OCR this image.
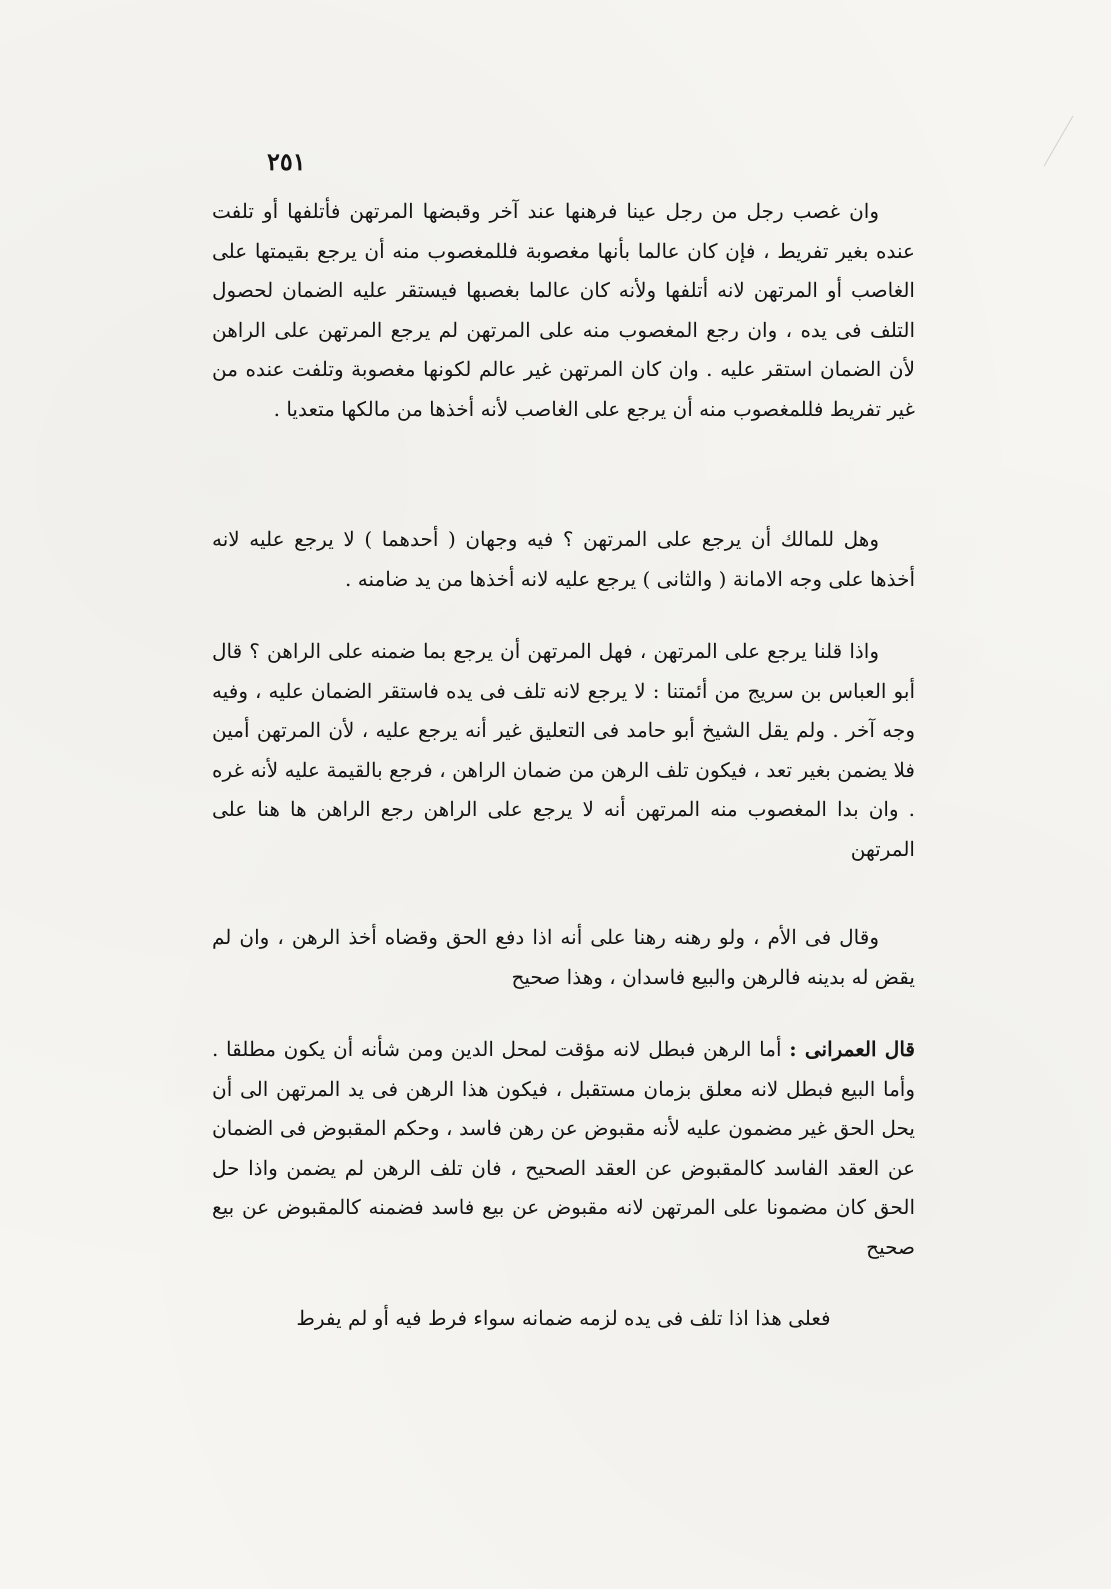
٢٥١

وان غصب رجل من رجل عينا فرهنها عند آخر وقبضها المرتهن فأتلفها أو تلفت عنده بغير تفريط ، فإن كان عالما بأنها مغصوبة فللمغصوب منه أن يرجع بقيمتها على الغاصب أو المرتهن لانه أتلفها ولأنه كان عالما بغصبها فيستقر عليه الضمان لحصول التلف فى يده ، وان رجع المغصوب منه على المرتهن لم يرجع المرتهن على الراهن لأن الضمان استقر عليه . وان كان المرتهن غير عالم لكونها مغصوبة وتلفت عنده من غير تفريط فللمغصوب منه أن يرجع على الغاصب لأنه أخذها من مالكها متعديا .

وهل للمالك أن يرجع على المرتهن ؟ فيه وجهان ( أحدهما ) لا يرجع عليه لانه أخذها على وجه الامانة ( والثانى ) يرجع عليه لانه أخذها من يد ضامنه .

واذا قلنا يرجع على المرتهن ، فهل المرتهن أن يرجع بما ضمنه على الراهن ؟ قال أبو العباس بن سريج من أئمتنا : لا يرجع لانه تلف فى يده فاستقر الضمان عليه ، وفيه وجه آخر . ولم يقل الشيخ أبو حامد فى التعليق غير أنه يرجع عليه ، لأن المرتهن أمين فلا يضمن بغير تعد ، فيكون تلف الرهن من ضمان الراهن ، فرجع بالقيمة عليه لأنه غره . وان بدا المغصوب منه المرتهن أنه لا يرجع على الراهن رجع الراهن ها هنا على المرتهن

وقال فى الأم ، ولو رهنه رهنا على أنه اذا دفع الحق وقضاه أخذ الرهن ، وان لم يقض له بدينه فالرهن والبيع فاسدان ، وهذا صحيح

قال العمرانى : أما الرهن فبطل لانه مؤقت لمحل الدين ومن شأنه أن يكون مطلقا . وأما البيع فبطل لانه معلق بزمان مستقبل ، فيكون هذا الرهن فى يد المرتهن الى أن يحل الحق غير مضمون عليه لأنه مقبوض عن رهن فاسد ، وحكم المقبوض فى الضمان عن العقد الفاسد كالمقبوض عن العقد الصحيح ، فان تلف الرهن لم يضمن واذا حل الحق كان مضمونا على المرتهن لانه مقبوض عن بيع فاسد فضمنه كالمقبوض عن بيع صحيح

فعلى هذا اذا تلف فى يده لزمه ضمانه سواء فرط فيه أو لم يفرط
